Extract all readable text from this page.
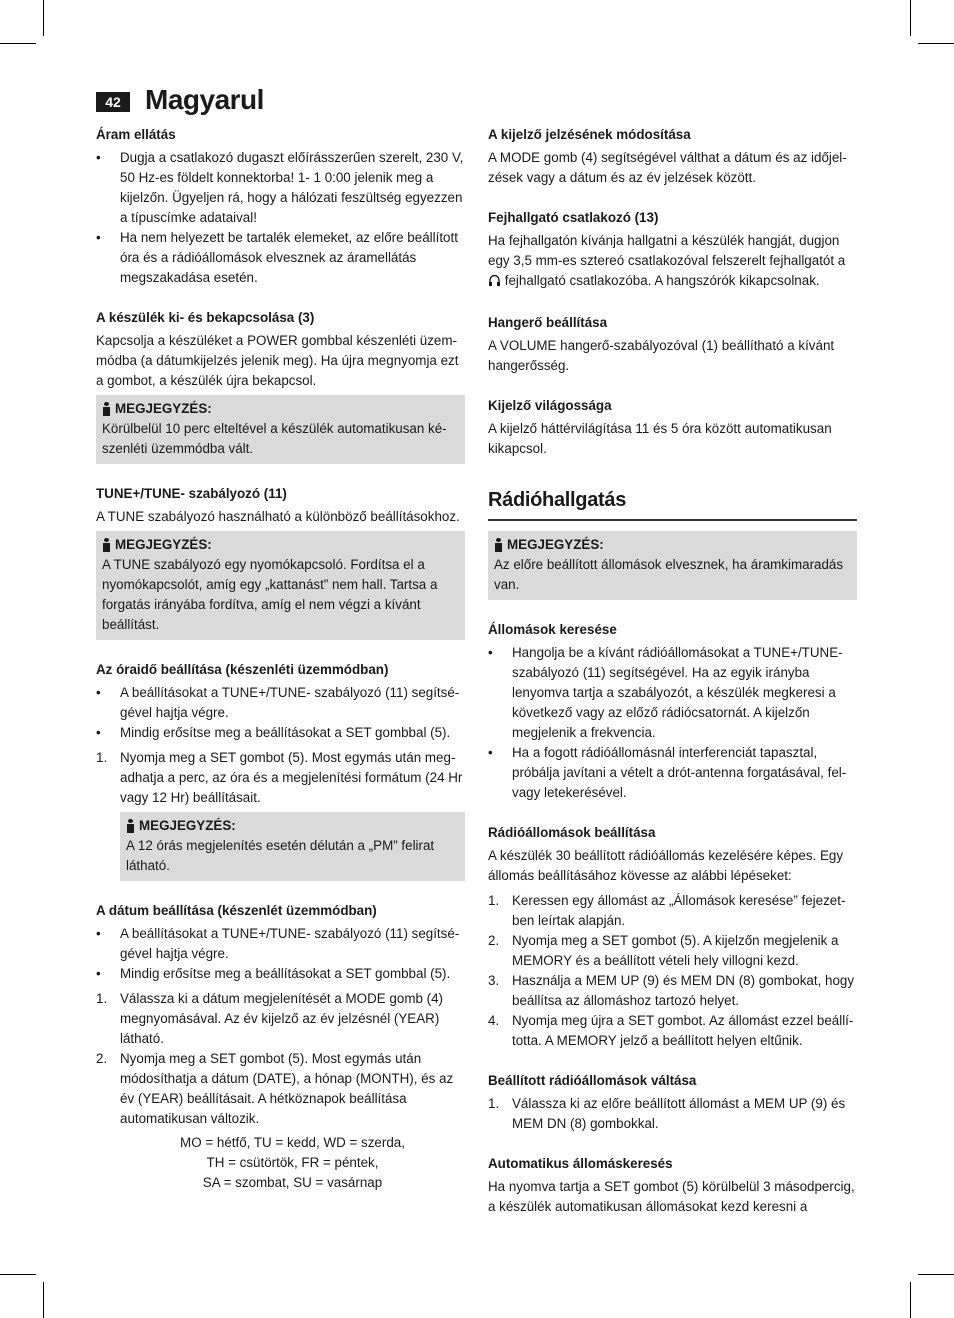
42 Magyarul

Áram ellátás

• Dugja a csatlakozó dugaszt előírásszerűen szerelt, 230 V, 50 Hz-es földelt konnektorba! 1- 1 0:00 jelenik meg a kijelzőn. Ügyeljen rá, hogy a hálózati feszültség egyezzen a típuscímke adataival!
• Ha nem helyezett be tartalék elemeket, az előre beállított óra és a rádióállomások elvesznek az áramellátás megszakadása esetén.

A készülék ki- és bekapcsolása (3)

Kapcsolja a készüléket a POWER gombbal készenléti üzemmódba (a dátumkijelzés jelenik meg). Ha újra megnyomja ezt a gombot, a készülék újra bekapcsol.

MEGJEGYZÉS:
Körülbelül 10 perc elteltével a készülék automatikusan készenléti üzemmódba vált.

TUNE+/TUNE- szabályozó (11)

A TUNE szabályozó használható a különböző beállításokhoz.

MEGJEGYZÉS:
A TUNE szabályozó egy nyomókapcsoló. Fordítsa el a nyomókapcsolót, amíg egy „kattanást” nem hall. Tartsa a forgatás irányába fordítva, amíg el nem végzi a kívánt beállítást.

Az óraidő beállítása (készenléti üzemmódban)

• A beállításokat a TUNE+/TUNE- szabályozó (11) segítségével hajtja végre.
• Mindig erősítse meg a beállításokat a SET gombbal (5).
1. Nyomja meg a SET gombot (5). Most egymás után megadhatja a perc, az óra és a megjelenítési formátum (24 Hr vagy 12 Hr) beállításait.
MEGJEGYZÉS:
A 12 órás megjelenítés esetén délután a „PM” felirat látható.

A dátum beállítása (készenlét üzemmódban)

• A beállításokat a TUNE+/TUNE- szabályozó (11) segítségével hajtja végre.
• Mindig erősítse meg a beállításokat a SET gombbal (5).
1. Válassza ki a dátum megjelenítését a MODE gomb (4) megnyomásával. Az év kijelző az év jelzésnél (YEAR) látható.
2. Nyomja meg a SET gombot (5). Most egymás után módosíthatja a dátum (DATE), a hónap (MONTH), és az év (YEAR) beállításait. A hétköznapok beállítása automatikusan változik.
MO = hétfő, TU = kedd, WD = szerda,
TH = csütörtök, FR = péntek,
SA = szombat, SU = vasárnap

A kijelző jelzésének módosítása

A MODE gomb (4) segítségével válthat a dátum és az időjelzések vagy a dátum és az év jelzések között.

Fejhallgató csatlakozó (13)

Ha fejhallgatón kívánja hallgatni a készülék hangját, dugjon egy 3,5 mm-es sztereó csatlakozóval felszerelt fejhallgatót a  fejhallgató csatlakozóba. A hangszórók kikapcsolnak.

Hangerő beállítása

A VOLUME hangerő-szabályozóval (1) beállítható a kívánt hangerősség.

Kijelző világossága

A kijelző háttérvilágítása 11 és 5 óra között automatikusan kikapcsol.

Rádióhallgatás
MEGJEGYZÉS:
Az előre beállított állomások elvesznek, ha áramkimaradás van.

Állomások keresése

• Hangolja be a kívánt rádióállomásokat a TUNE+/TUNE- szabályozó (11) segítségével. Ha az egyik irányba lenyomva tartja a szabályozót, a készülék megkeresi a következő vagy az előző rádiócsatornát. A kijelzőn megjelenik a frekvencia.
• Ha a fogott rádióállomásnál interferenciát tapasztal, próbálja javítani a vételt a drót-antenna forgatásával, felvagy letekerésével.

Rádióállomások beállítása

A készülék 30 beállított rádióállomás kezelésére képes. Egy állomás beállításához kövesse az alábbi lépéseket:

1. Keressen egy állomást az „Állomások keresése” fejezetben leírtak alapján.
2. Nyomja meg a SET gombot (5). A kijelzőn megjelenik a MEMORY és a beállított vételi hely villogni kezd.
3. Használja a MEM UP (9) és MEM DN (8) gombokat, hogy beállítsa az állomáshoz tartozó helyet.
4. Nyomja meg újra a SET gombot. Az állomást ezzel beállította. A MEMORY jelző a beállított helyen eltűnik.

Beállított rádióállomások váltása

1. Válassza ki az előre beállított állomást a MEM UP (9) és MEM DN (8) gombokkal.

Automatikus állomáskeresés

Ha nyomva tartja a SET gombot (5) körülbelül 3 másodpercig, a készülék automatikusan állomásokat kezd keresni a
